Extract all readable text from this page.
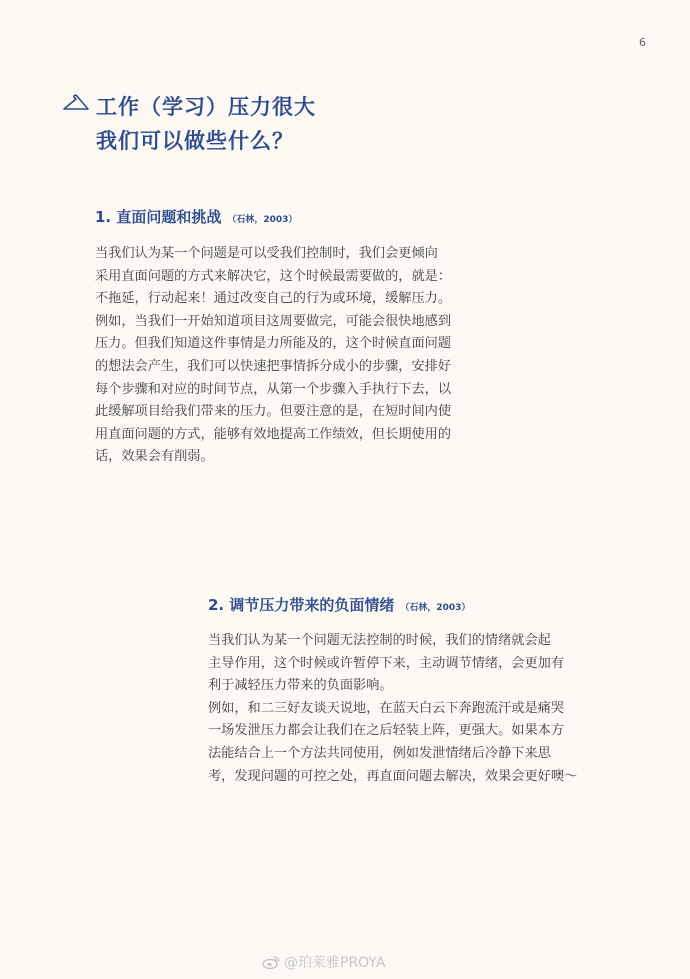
6
工作（学习）压力很大
我们可以做些什么？
1. 直面问题和挑战 （石林，2003）
当我们认为某一个问题是可以受我们控制时，我们会更倾向
采用直面问题的方式来解决它，这个时候最需要做的，就是：
不拖延，行动起来！通过改变自己的行为或环境，缓解压力。
例如，当我们一开始知道项目这周要做完，可能会很快地感到
压力。但我们知道这件事情是力所能及的，这个时候直面问题
的想法会产生，我们可以快速把事情拆分成小的步骤，安排好
每个步骤和对应的时间节点，从第一个步骤入手执行下去，以
此缓解项目给我们带来的压力。但要注意的是，在短时间内使
用直面问题的方式，能够有效地提高工作绩效，但长期使用的
话，效果会有削弱。
2. 调节压力带来的负面情绪 （石林，2003）
当我们认为某一个问题无法控制的时候，我们的情绪就会起
主导作用，这个时候或许暂停下来，主动调节情绪，会更加有
利于减轻压力带来的负面影响。
例如，和二三好友谈天说地，在蓝天白云下奔跑流汗或是痛哭
一场发泄压力都会让我们在之后轻装上阵，更强大。如果本方
法能结合上一个方法共同使用，例如发泄情绪后冷静下来思
考，发现问题的可控之处，再直面问题去解决，效果会更好噢～
@珀莱雅PROYA
